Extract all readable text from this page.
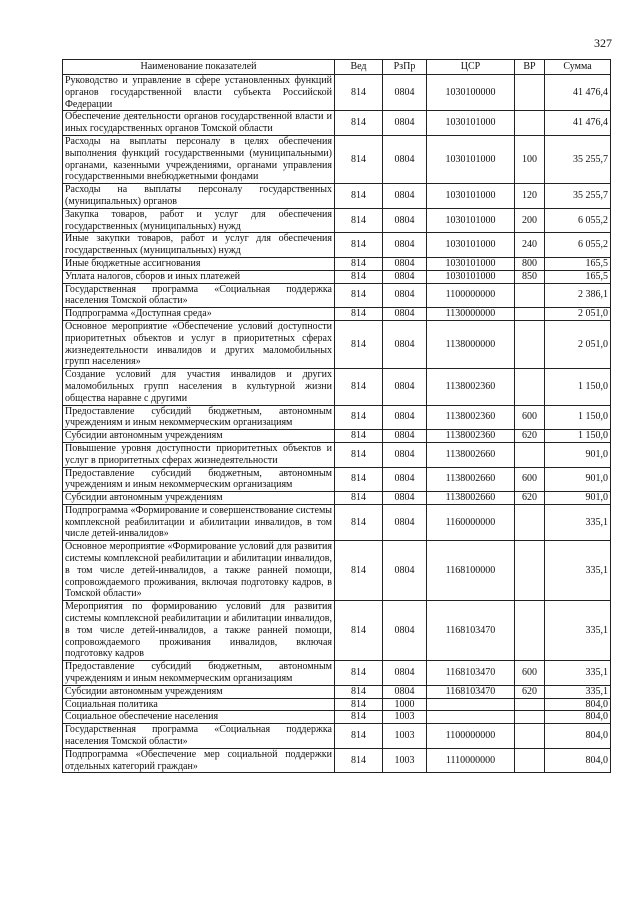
327
Наименование показателей	Вед	РзПр	ЦСР	ВР	Сумма
Руководство и управление в сфере установленных функций органов государственной власти субъекта Российской Федерации	814	0804	1030100000		41 476,4
Обеспечение деятельности органов государственной власти и иных государственных органов Томской области	814	0804	1030101000		41 476,4
Расходы на выплаты персоналу в целях обеспечения выполнения функций государственными (муниципальными) органами, казенными учреждениями, органами управления государственными внебюджетными фондами	814	0804	1030101000	100	35 255,7
Расходы на выплаты персоналу государственных (муниципальных) органов	814	0804	1030101000	120	35 255,7
Закупка товаров, работ и услуг для обеспечения государственных (муниципальных) нужд	814	0804	1030101000	200	6 055,2
Иные закупки товаров, работ и услуг для обеспечения государственных (муниципальных) нужд	814	0804	1030101000	240	6 055,2
Иные бюджетные ассигнования	814	0804	1030101000	800	165,5
Уплата налогов, сборов и иных платежей	814	0804	1030101000	850	165,5
Государственная программа «Социальная поддержка населения Томской области»	814	0804	1100000000		2 386,1
Подпрограмма «Доступная среда»	814	0804	1130000000		2 051,0
Основное мероприятие «Обеспечение условий доступности приоритетных объектов и услуг в приоритетных сферах жизнедеятельности инвалидов и других маломобильных групп населения»	814	0804	1138000000		2 051,0
Создание условий для участия инвалидов и других маломобильных групп населения в культурной жизни общества наравне с другими	814	0804	1138002360		1 150,0
Предоставление субсидий бюджетным, автономным учреждениям и иным некоммерческим организациям	814	0804	1138002360	600	1 150,0
Субсидии автономным учреждениям	814	0804	1138002360	620	1 150,0
Повышение уровня доступности приоритетных объектов и услуг в приоритетных сферах жизнедеятельности	814	0804	1138002660		901,0
Предоставление субсидий бюджетным, автономным учреждениям и иным некоммерческим организациям	814	0804	1138002660	600	901,0
Субсидии автономным учреждениям	814	0804	1138002660	620	901,0
Подпрограмма «Формирование и совершенствование системы комплексной реабилитации и абилитации инвалидов, в том числе детей-инвалидов»	814	0804	1160000000		335,1
Основное мероприятие «Формирование условий для развития системы комплексной реабилитации и абилитации инвалидов, в том числе детей-инвалидов, а также ранней помощи, сопровождаемого проживания, включая подготовку кадров, в Томской области»	814	0804	1168100000		335,1
Мероприятия по формированию условий для развития системы комплексной реабилитации и абилитации инвалидов, в том числе детей-инвалидов, а также ранней помощи, сопровождаемого проживания инвалидов, включая подготовку кадров	814	0804	1168103470		335,1
Предоставление субсидий бюджетным, автономным учреждениям и иным некоммерческим организациям	814	0804	1168103470	600	335,1
Субсидии автономным учреждениям	814	0804	1168103470	620	335,1
Социальная политика	814	1000			804,0
Социальное обеспечение населения	814	1003			804,0
Государственная программа «Социальная поддержка населения Томской области»	814	1003	1100000000		804,0
Подпрограмма «Обеспечение мер социальной поддержки отдельных категорий граждан»	814	1003	1110000000		804,0
